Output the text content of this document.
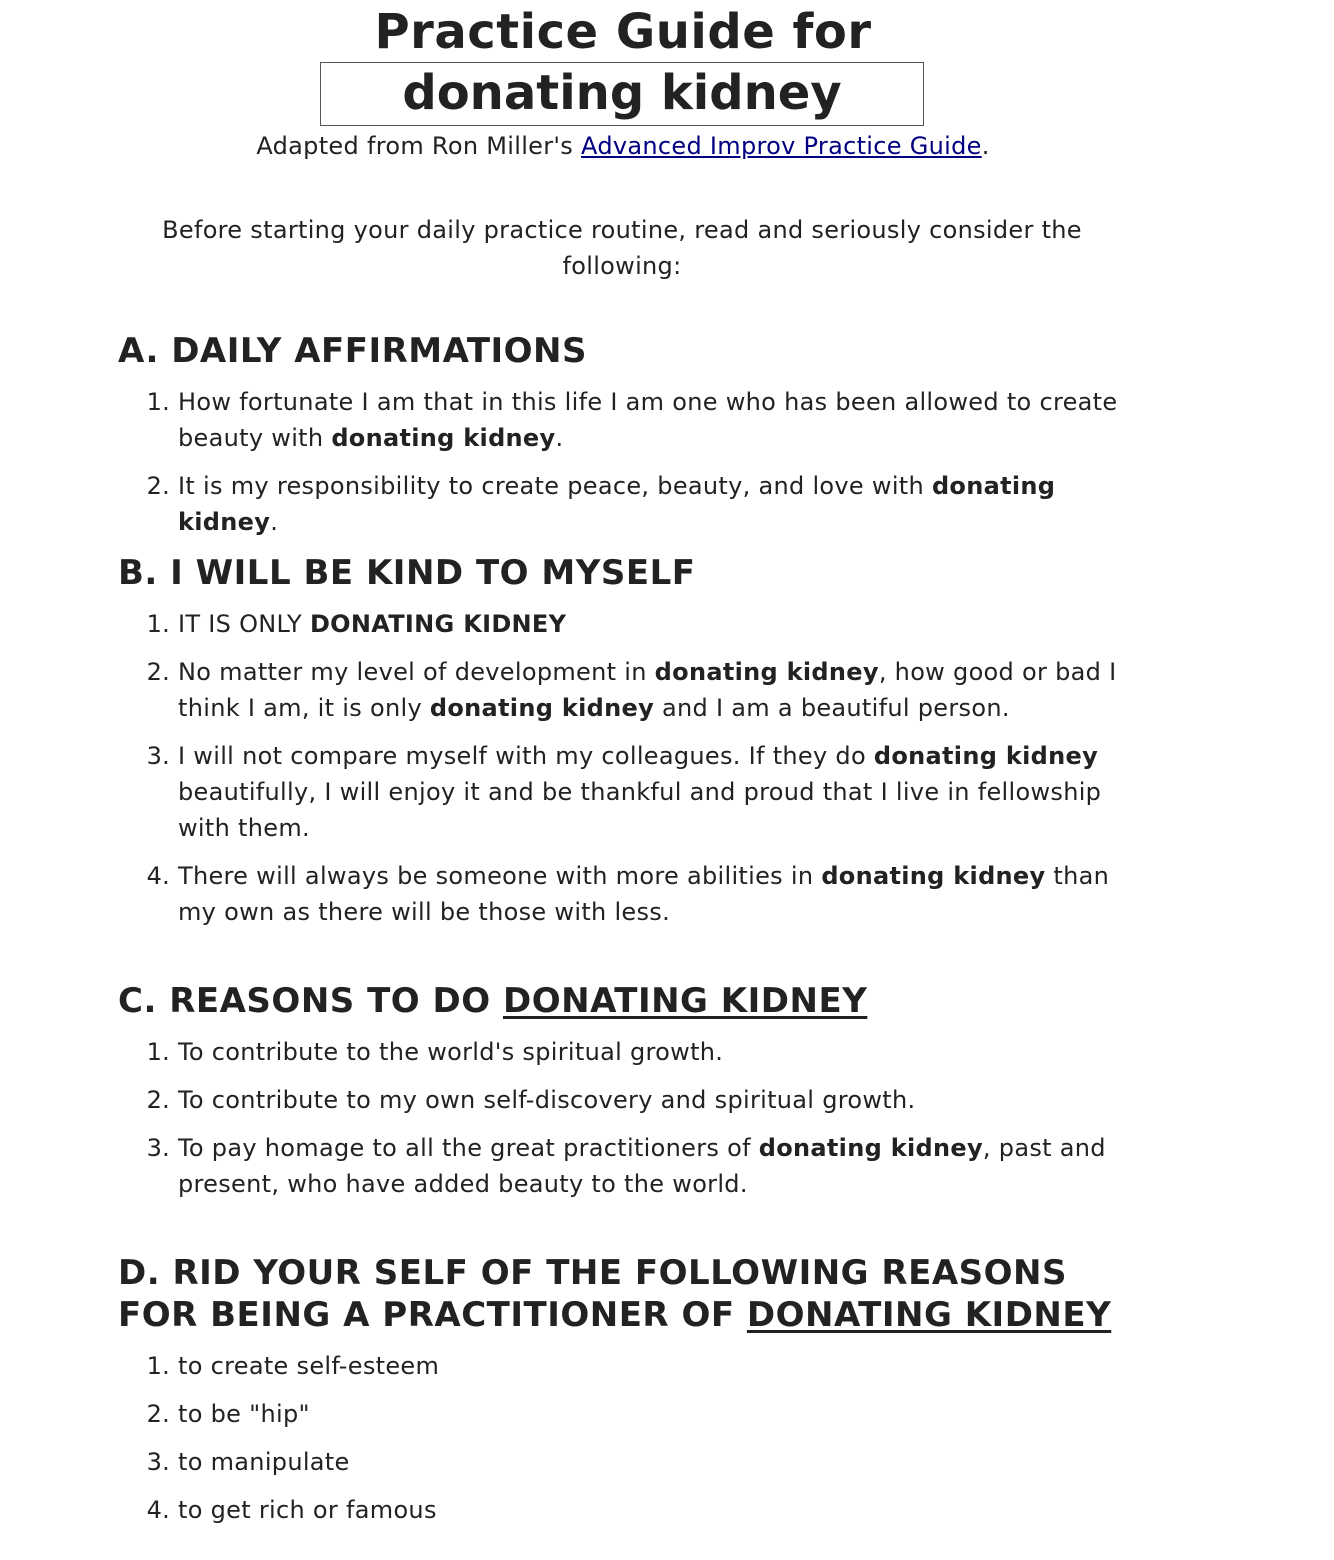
Practice Guide for
donating kidney
Adapted from Ron Miller's Advanced Improv Practice Guide.
Before starting your daily practice routine, read and seriously consider the following:
A. DAILY AFFIRMATIONS
1. How fortunate I am that in this life I am one who has been allowed to create beauty with donating kidney.
2. It is my responsibility to create peace, beauty, and love with donating kidney.
B. I WILL BE KIND TO MYSELF
1. IT IS ONLY DONATING KIDNEY
2. No matter my level of development in donating kidney, how good or bad I think I am, it is only donating kidney and I am a beautiful person.
3. I will not compare myself with my colleagues. If they do donating kidney beautifully, I will enjoy it and be thankful and proud that I live in fellowship with them.
4. There will always be someone with more abilities in donating kidney than my own as there will be those with less.
C. REASONS TO DO DONATING KIDNEY
1. To contribute to the world's spiritual growth.
2. To contribute to my own self-discovery and spiritual growth.
3. To pay homage to all the great practitioners of donating kidney, past and present, who have added beauty to the world.
D. RID YOUR SELF OF THE FOLLOWING REASONS FOR BEING A PRACTITIONER OF DONATING KIDNEY
1. to create self-esteem
2. to be "hip"
3. to manipulate
4. to get rich or famous
